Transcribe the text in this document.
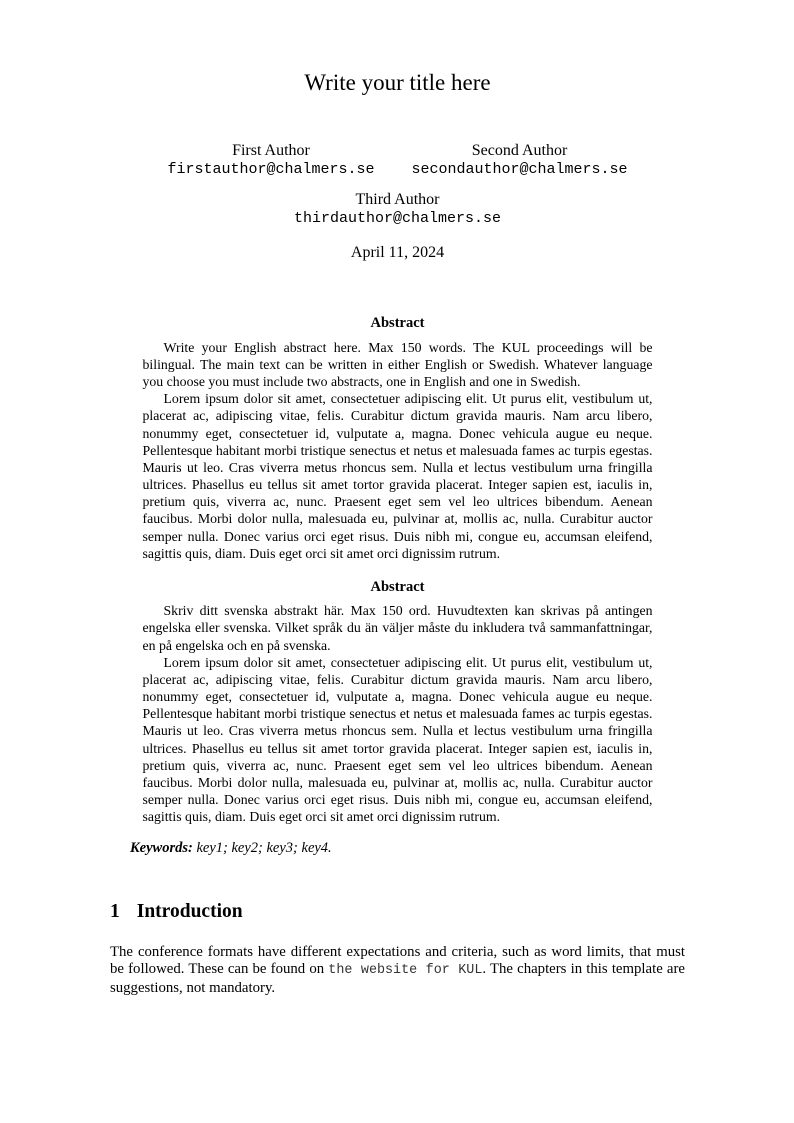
Write your title here
First Author
firstauthor@chalmers.se
Second Author
secondauthor@chalmers.se
Third Author
thirdauthor@chalmers.se
April 11, 2024

Abstract

Write your English abstract here. Max 150 words. The KUL proceedings will be bilingual. The main text can be written in either English or Swedish. Whatever language you choose you must include two abstracts, one in English and one in Swedish.

Lorem ipsum dolor sit amet, consectetuer adipiscing elit. Ut purus elit, vestibulum ut, placerat ac, adipiscing vitae, felis. Curabitur dictum gravida mauris. Nam arcu libero, nonummy eget, consectetuer id, vulputate a, magna. Donec vehicula augue eu neque. Pellentesque habitant morbi tristique senectus et netus et malesuada fames ac turpis egestas. Mauris ut leo. Cras viverra metus rhoncus sem. Nulla et lectus vestibulum urna fringilla ultrices. Phasellus eu tellus sit amet tortor gravida placerat. Integer sapien est, iaculis in, pretium quis, viverra ac, nunc. Praesent eget sem vel leo ultrices bibendum. Aenean faucibus. Morbi dolor nulla, malesuada eu, pulvinar at, mollis ac, nulla. Curabitur auctor semper nulla. Donec varius orci eget risus. Duis nibh mi, congue eu, accumsan eleifend, sagittis quis, diam. Duis eget orci sit amet orci dignissim rutrum.

Abstract

Skriv ditt svenska abstrakt här. Max 150 ord. Huvudtexten kan skrivas på antingen engelska eller svenska. Vilket språk du än väljer måste du inkludera två sammanfattningar, en på engelska och en på svenska.

Lorem ipsum dolor sit amet, consectetuer adipiscing elit. Ut purus elit, vestibulum ut, placerat ac, adipiscing vitae, felis. Curabitur dictum gravida mauris. Nam arcu libero, nonummy eget, consectetuer id, vulputate a, magna. Donec vehicula augue eu neque. Pellentesque habitant morbi tristique senectus et netus et malesuada fames ac turpis egestas. Mauris ut leo. Cras viverra metus rhoncus sem. Nulla et lectus vestibulum urna fringilla ultrices. Phasellus eu tellus sit amet tortor gravida placerat. Integer sapien est, iaculis in, pretium quis, viverra ac, nunc. Praesent eget sem vel leo ultrices bibendum. Aenean faucibus. Morbi dolor nulla, malesuada eu, pulvinar at, mollis ac, nulla. Curabitur auctor semper nulla. Donec varius orci eget risus. Duis nibh mi, congue eu, accumsan eleifend, sagittis quis, diam. Duis eget orci sit amet orci dignissim rutrum.

Keywords: key1; key2; key3; key4.
1 Introduction

The conference formats have different expectations and criteria, such as word limits, that must be followed. These can be found on the website for KUL. The chapters in this template are suggestions, not mandatory.
